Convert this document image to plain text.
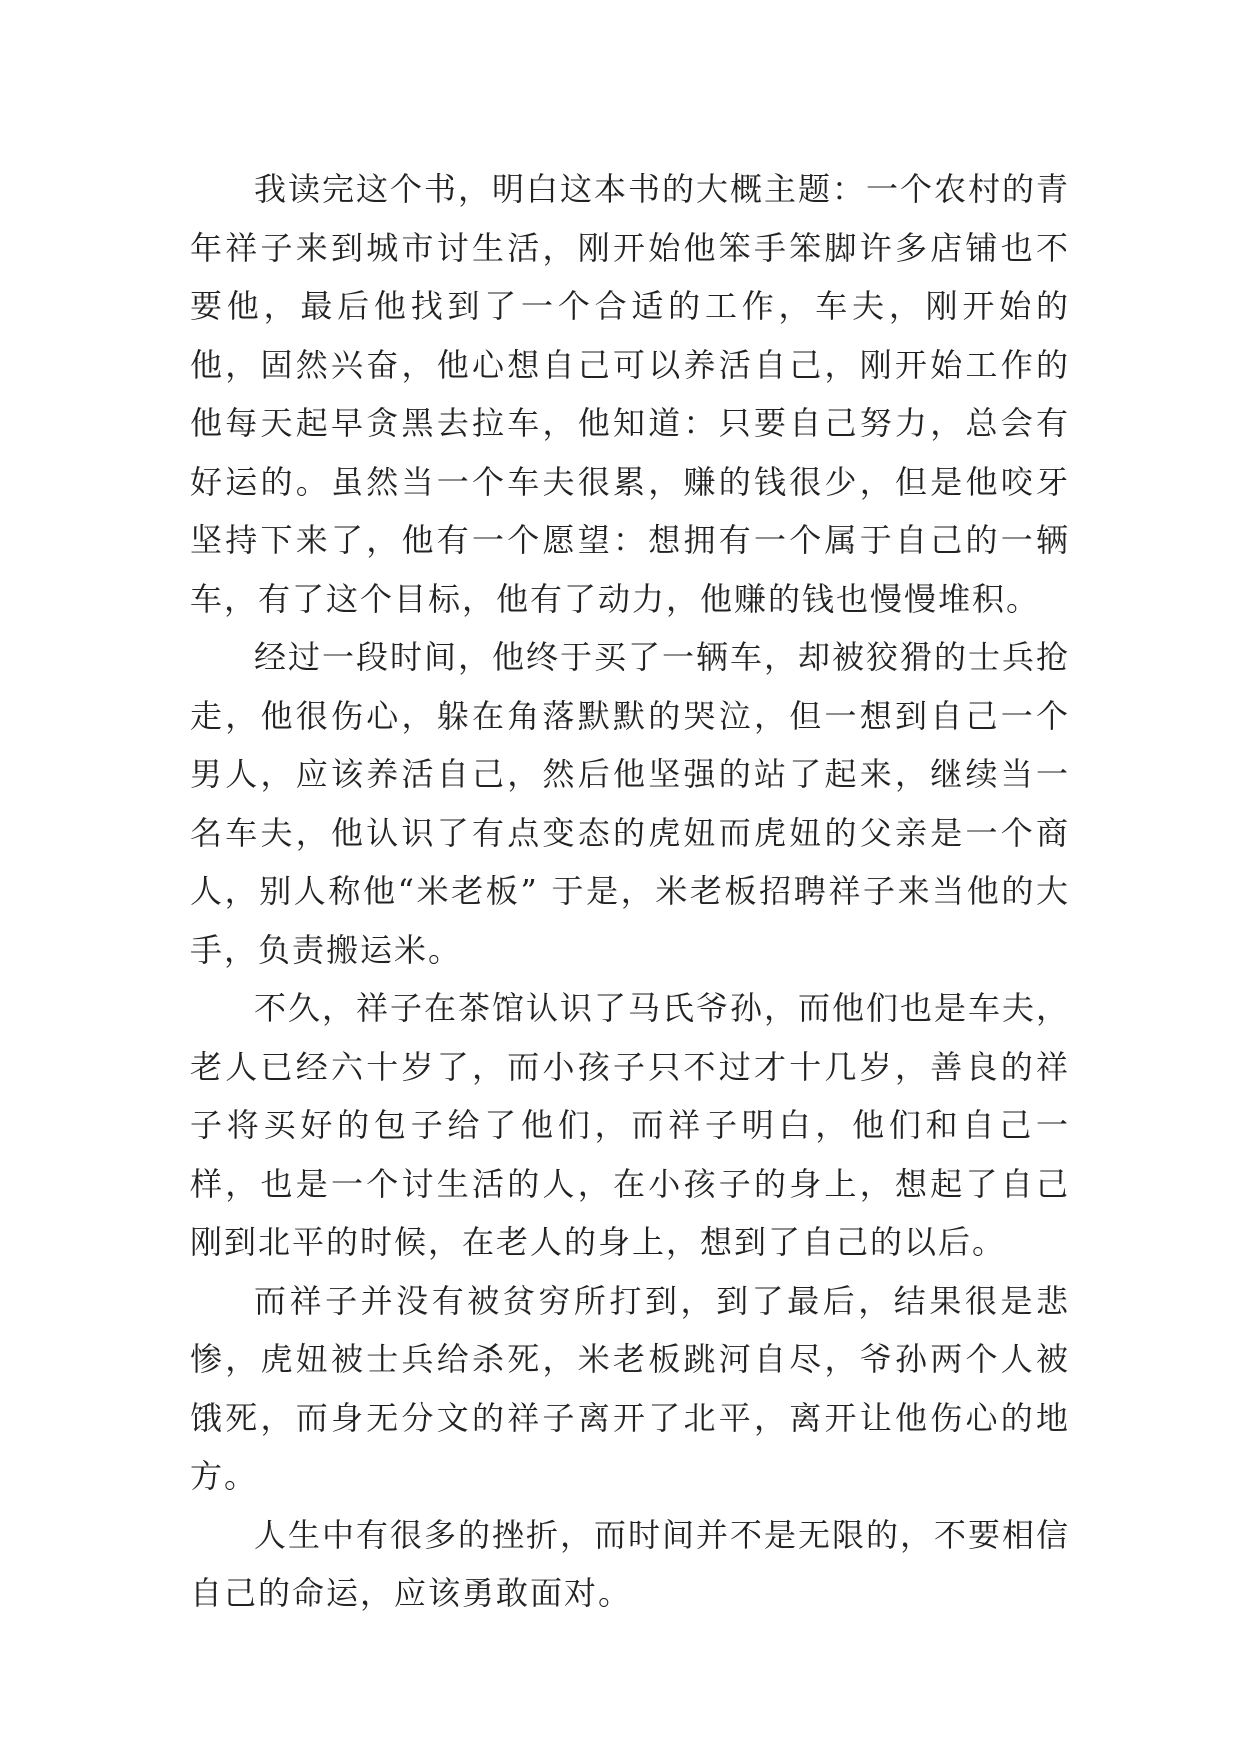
我读完这个书，明白这本书的大概主题：一个农村的青年祥子来到城市讨生活，刚开始他笨手笨脚许多店铺也不要他，最后他找到了一个合适的工作，车夫，刚开始的他，固然兴奋，他心想自己可以养活自己，刚开始工作的他每天起早贪黑去拉车，他知道：只要自己努力，总会有好运的。虽然当一个车夫很累，赚的钱很少，但是他咬牙坚持下来了，他有一个愿望：想拥有一个属于自己的一辆车，有了这个目标，他有了动力，他赚的钱也慢慢堆积。

经过一段时间，他终于买了一辆车，却被狡猾的士兵抢走，他很伤心，躲在角落默默的哭泣，但一想到自己一个男人，应该养活自己，然后他坚强的站了起来，继续当一名车夫，他认识了有点变态的虎妞而虎妞的父亲是一个商人，别人称他“米老板” 于是，米老板招聘祥子来当他的大手，负责搬运米。

不久，祥子在茶馆认识了马氏爷孙，而他们也是车夫，老人已经六十岁了，而小孩子只不过才十几岁，善良的祥子将买好的包子给了他们，而祥子明白，他们和自己一样，也是一个讨生活的人，在小孩子的身上，想起了自己刚到北平的时候，在老人的身上，想到了自己的以后。

而祥子并没有被贫穷所打到，到了最后，结果很是悲惨，虎妞被士兵给杀死，米老板跳河自尽，爷孙两个人被饿死，而身无分文的祥子离开了北平，离开让他伤心的地方。

人生中有很多的挫折，而时间并不是无限的，不要相信自己的命运，应该勇敢面对。
